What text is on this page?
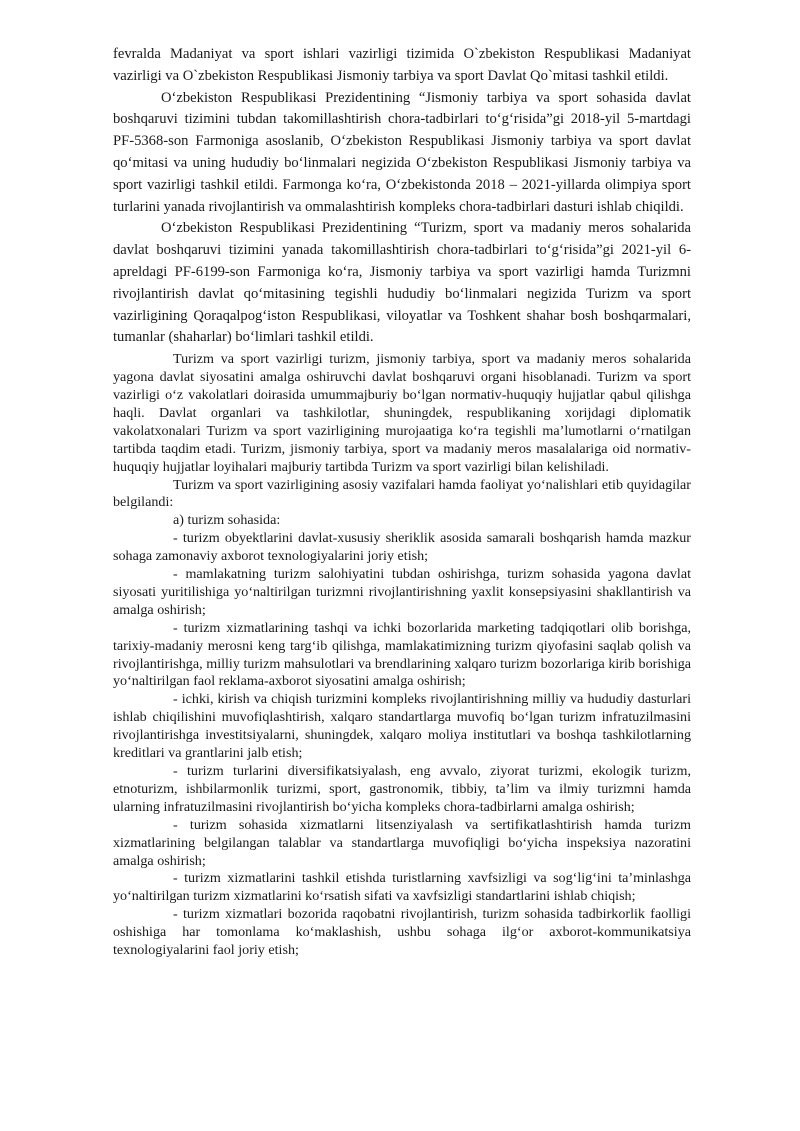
fevralda Madaniyat va sport ishlari vazirligi tizimida O`zbekiston Respublikasi Madaniyat vazirligi va O`zbekiston Respublikasi Jismoniy tarbiya va sport Davlat Qo`mitasi tashkil etildi.

O‘zbekiston Respublikasi Prezidentining “Jismoniy tarbiya va sport sohasida davlat boshqaruvi tizimini tubdan takomillashtirish chora-tadbirlari to‘g‘risida”gi 2018-yil 5-martdagi PF-5368-son Farmoniga asoslanib, O‘zbekiston Respublikasi Jismoniy tarbiya va sport davlat qo‘mitasi va uning hududiy bo‘linmalari negizida O‘zbekiston Respublikasi Jismoniy tarbiya va sport vazirligi tashkil etildi. Farmonga ko‘ra, O‘zbekistonda 2018 – 2021-yillarda olimpiya sport turlarini yanada rivojlantirish va ommalashtirish kompleks chora-tadbirlari dasturi ishlab chiqildi.

O‘zbekiston Respublikasi Prezidentining “Turizm, sport va madaniy meros sohalarida davlat boshqaruvi tizimini yanada takomillashtirish chora-tadbirlari to‘g‘risida”gi 2021-yil 6-apreldagi PF-6199-son Farmoniga ko‘ra, Jismoniy tarbiya va sport vazirligi hamda Turizmni rivojlantirish davlat qo‘mitasining tegishli hududiy bo‘linmalari negizida Turizm va sport vazirligining Qoraqalpog‘iston Respublikasi, viloyatlar va Toshkent shahar bosh boshqarmalari, tumanlar (shaharlar) bo‘limlari tashkil etildi.

Turizm va sport vazirligi turizm, jismoniy tarbiya, sport va madaniy meros sohalarida yagona davlat siyosatini amalga oshiruvchi davlat boshqaruvi organi hisoblanadi. Turizm va sport vazirligi o‘z vakolatlari doirasida umummajburiy bo‘lgan normativ-huquqiy hujjatlar qabul qilishga haqli. Davlat organlari va tashkilotlar, shuningdek, respublikaning xorijdagi diplomatik vakolatxonalari Turizm va sport vazirligining murojaatiga ko‘ra tegishli ma’lumotlarni o‘rnatilgan tartibda taqdim etadi. Turizm, jismoniy tarbiya, sport va madaniy meros masalalariga oid normativ-huquqiy hujjatlar loyihalari majburiy tartibda Turizm va sport vazirligi bilan kelishiladi.

Turizm va sport vazirligining asosiy vazifalari hamda faoliyat yo‘nalishlari etib quyidagilar belgilandi:

a) turizm sohasida:

- turizm obyektlarini davlat-xususiy sheriklik asosida samarali boshqarish hamda mazkur sohaga zamonaviy axborot texnologiyalarini joriy etish;

- mamlakatning turizm salohiyatini tubdan oshirishga, turizm sohasida yagona davlat siyosati yuritilishiga yo‘naltirilgan turizmni rivojlantirishning yaxlit konsepsiyasini shakllantirish va amalga oshirish;

- turizm xizmatlarining tashqi va ichki bozorlarida marketing tadqiqotlari olib borishga, tarixiy-madaniy merosni keng targ‘ib qilishga, mamlakatimizning turizm qiyofasini saqlab qolish va rivojlantirishga, milliy turizm mahsulotlari va brendlarining xalqaro turizm bozorlariga kirib borishiga yo‘naltirilgan faol reklama-axborot siyosatini amalga oshirish;

- ichki, kirish va chiqish turizmini kompleks rivojlantirishning milliy va hududiy dasturlari ishlab chiqilishini muvofiqlashtirish, xalqaro standartlarga muvofiq bo‘lgan turizm infratuzilmasini rivojlantirishga investitsiyalarni, shuningdek, xalqaro moliya institutlari va boshqa tashkilotlarning kreditlari va grantlarini jalb etish;

- turizm turlarini diversifikatsiyalash, eng avvalo, ziyorat turizmi, ekologik turizm, etnoturizm, ishbilarmonlik turizmi, sport, gastronomik, tibbiy, ta’lim va ilmiy turizmni hamda ularning infratuzilmasini rivojlantirish bo‘yicha kompleks chora-tadbirlarni amalga oshirish;

- turizm sohasida xizmatlarni litsenziyalash va sertifikatlashtirish hamda turizm xizmatlarining belgilangan talablar va standartlarga muvofiqligi bo‘yicha inspeksiya nazoratini amalga oshirish;

- turizm xizmatlarini tashkil etishda turistlarning xavfsizligi va sog‘lig‘ini ta’minlashga yo‘naltirilgan turizm xizmatlarini ko‘rsatish sifati va xavfsizligi standartlarini ishlab chiqish;

- turizm xizmatlari bozorida raqobatni rivojlantirish, turizm sohasida tadbirkorlik faolligi oshishiga har tomonlama ko‘maklashish, ushbu sohaga ilg‘or axborot-kommunikatsiya texnologiyalarini faol joriy etish;
